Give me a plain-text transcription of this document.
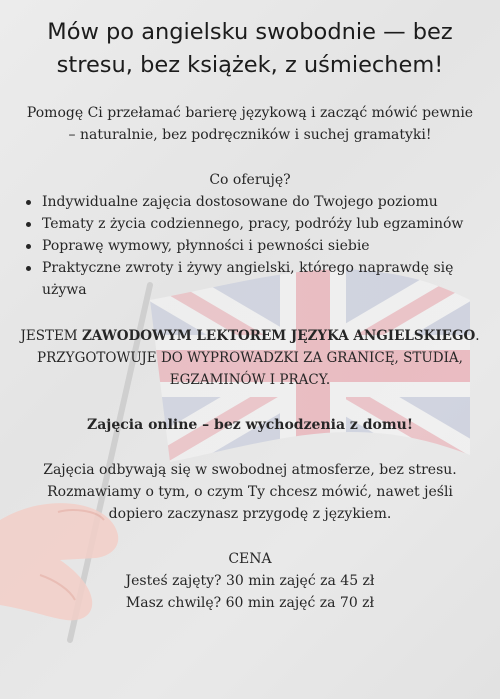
Mów po angielsku swobodnie — bez
stresu, bez książek, z uśmiechem!
Pomogę Ci przełamać barierę językową i zacząć mówić pewnie
– naturalnie, bez podręczników i suchej gramatyki!
Co oferuję?
Indywidualne zajęcia dostosowane do Twojego poziomu
Tematy z życia codziennego, pracy, podróży lub egzaminów
Poprawę wymowy, płynności i pewności siebie
Praktyczne zwroty i żywy angielski, którego naprawdę się
używa
JESTEM ZAWODOWYM LEKTOREM JĘZYKA ANGIELSKIEGO.
PRZYGOTOWUJE DO WYPROWADZKI ZA GRANICĘ, STUDIA,
EGZAMINÓW I PRACY.
Zajęcia online – bez wychodzenia z domu!
Zajęcia odbywają się w swobodnej atmosferze, bez stresu.
Rozmawiamy o tym, o czym Ty chcesz mówić, nawet jeśli
dopiero zaczynasz przygodę z językiem.
CENA
Jesteś zajęty? 30 min zajęć za 45 zł
Masz chwilę? 60 min zajęć za 70 zł
